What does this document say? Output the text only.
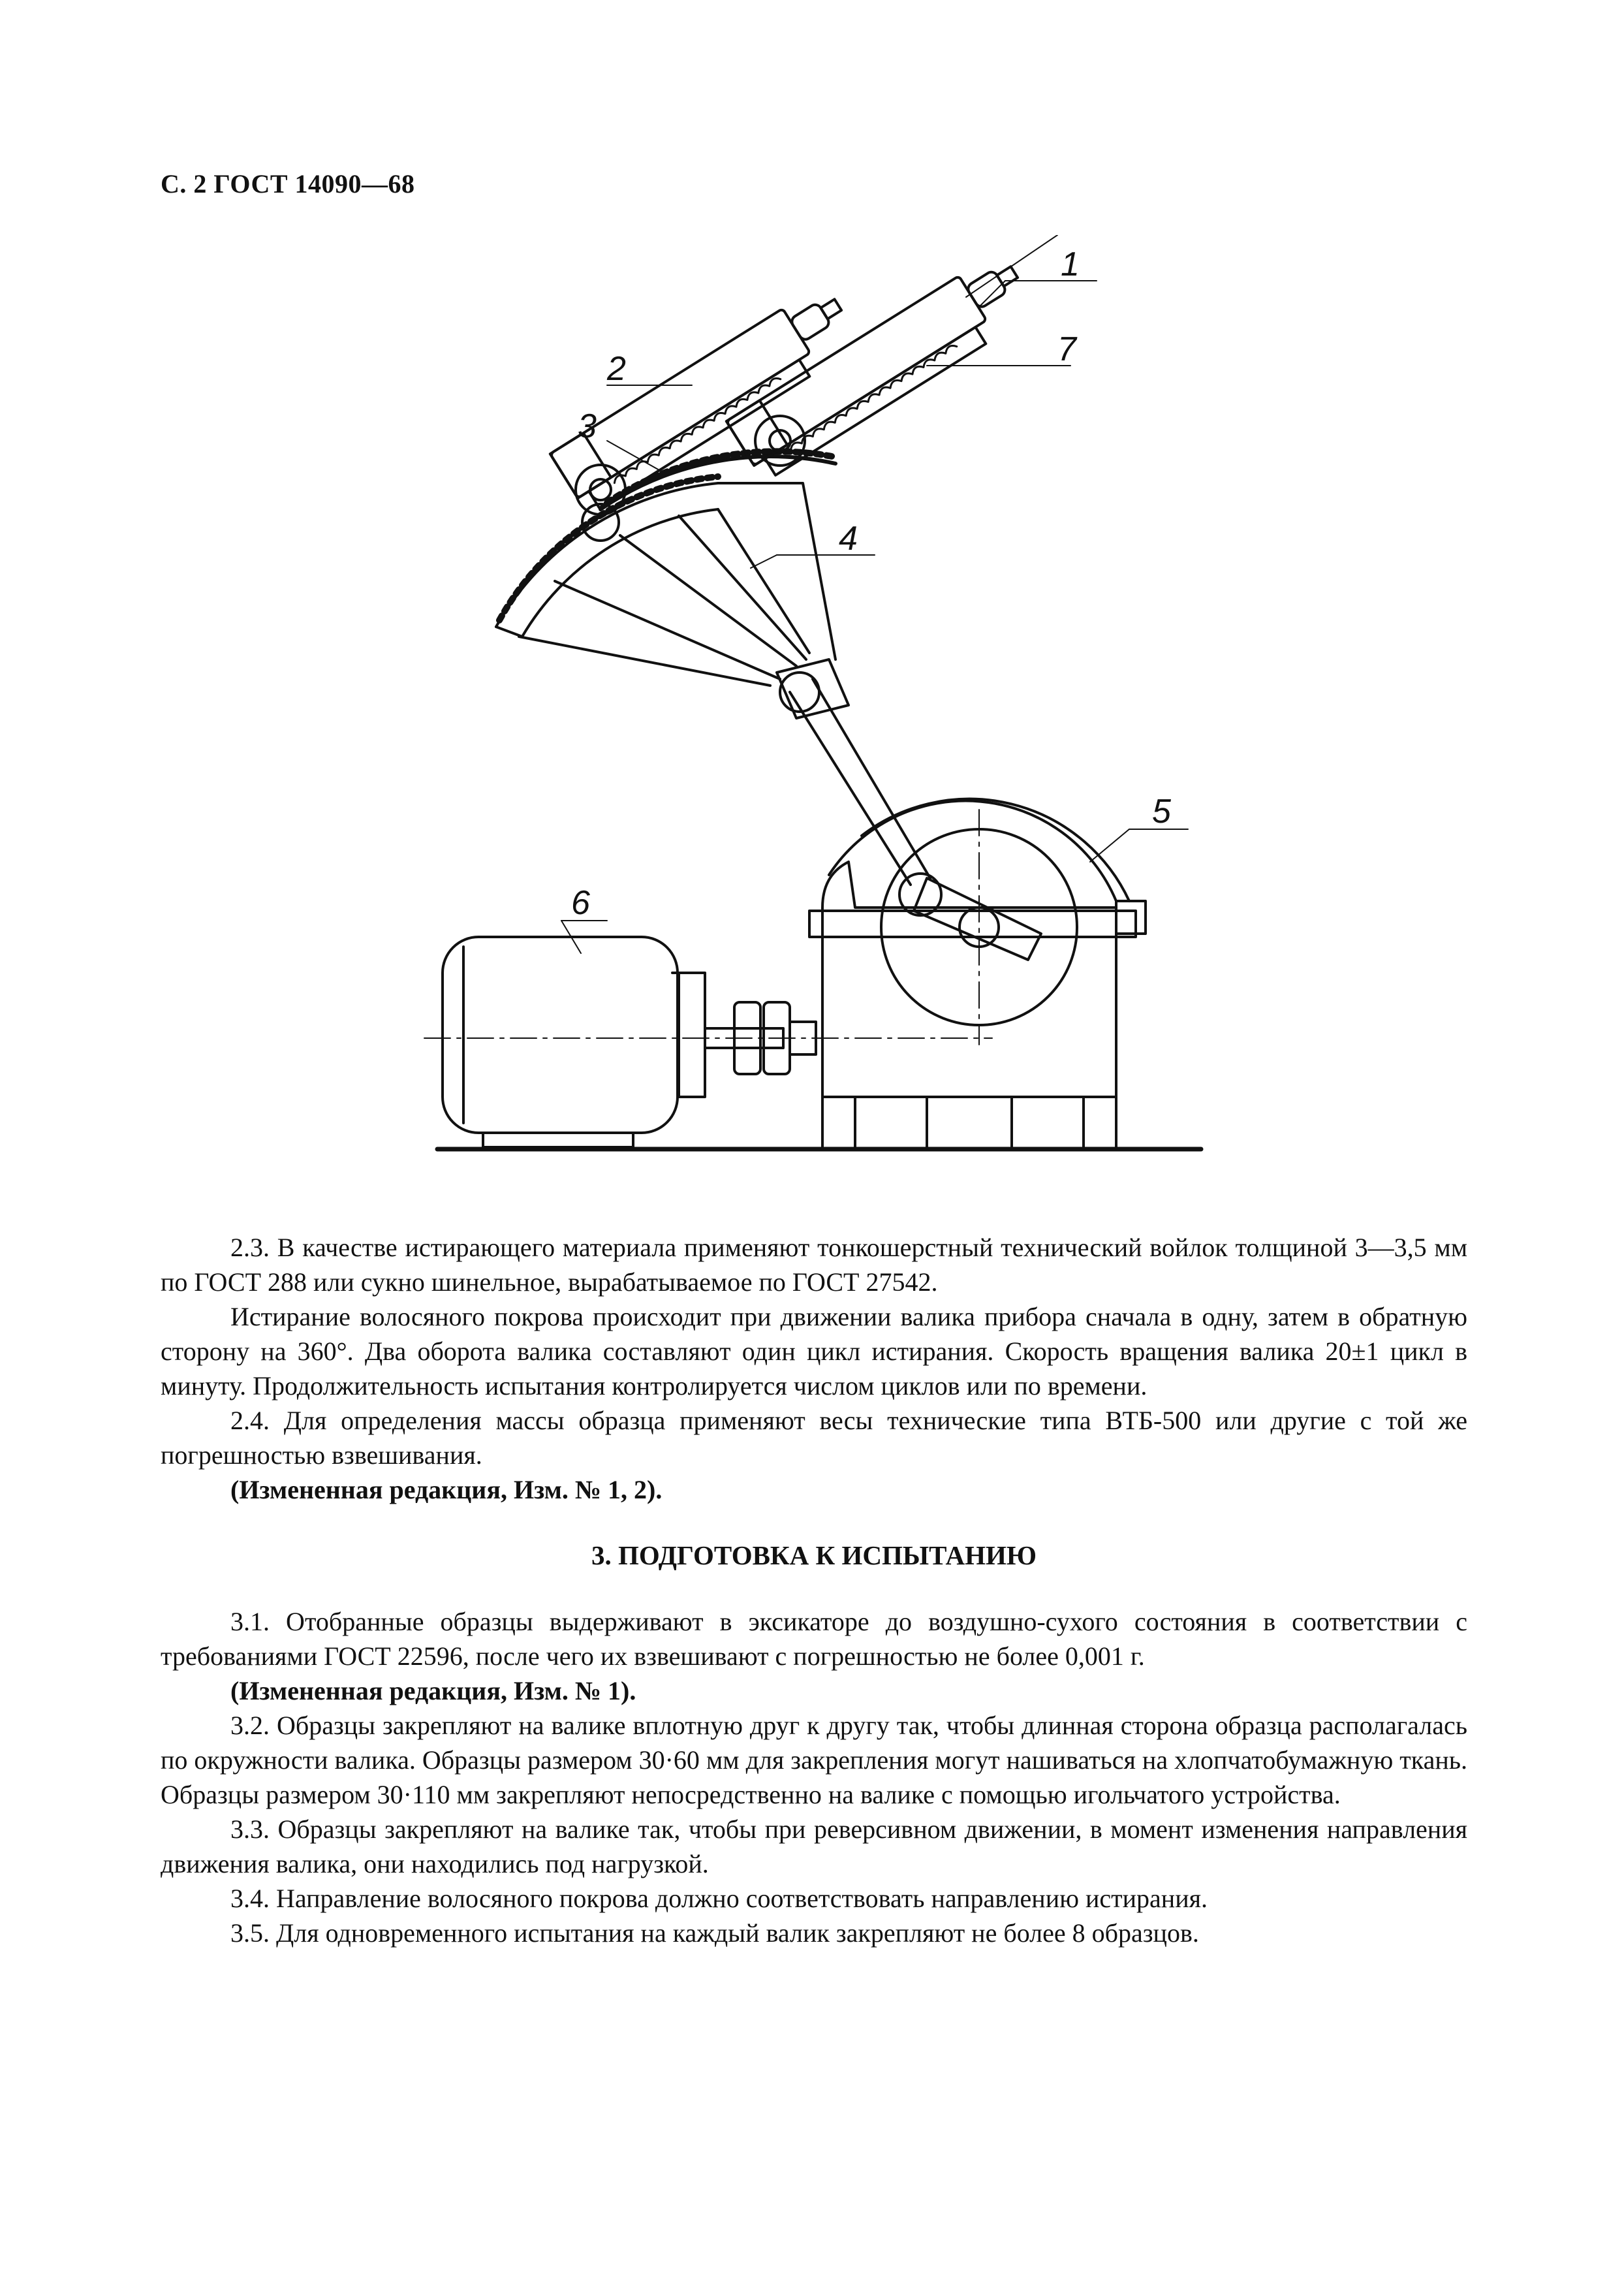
С. 2 ГОСТ 14090—68
1
2
3
4
5
6
7

2.3. В качестве истирающего материала применяют тонкошерстный технический войлок толщиной 3—3,5 мм по ГОСТ 288 или сукно шинельное, вырабатываемое по ГОСТ 27542.

Истирание волосяного покрова происходит при движении валика прибора сначала в одну, затем в обратную сторону на 360°. Два оборота валика составляют один цикл истирания. Скорость вращения валика 20±1 цикл в минуту. Продолжительность испытания контролируется числом циклов или по времени.

2.4. Для определения массы образца применяют весы технические типа ВТБ-500 или другие с той же погрешностью взвешивания.

(Измененная редакция, Изм. № 1, 2).

3. ПОДГОТОВКА К ИСПЫТАНИЮ

3.1. Отобранные образцы выдерживают в эксикаторе до воздушно-сухого состояния в соответствии с требованиями ГОСТ 22596, после чего их взвешивают с погрешностью не более 0,001 г.

(Измененная редакция, Изм. № 1).

3.2. Образцы закрепляют на валике вплотную друг к другу так, чтобы длинная сторона образца располагалась по окружности валика. Образцы размером 30·60 мм для закрепления могут нашиваться на хлопчатобумажную ткань. Образцы размером 30·110 мм закрепляют непосредственно на валике с помощью игольчатого устройства.

3.3. Образцы закрепляют на валике так, чтобы при реверсивном движении, в момент изменения направления движения валика, они находились под нагрузкой.

3.4. Направление волосяного покрова должно соответствовать направлению истирания.

3.5. Для одновременного испытания на каждый валик закрепляют не более 8 образцов.
